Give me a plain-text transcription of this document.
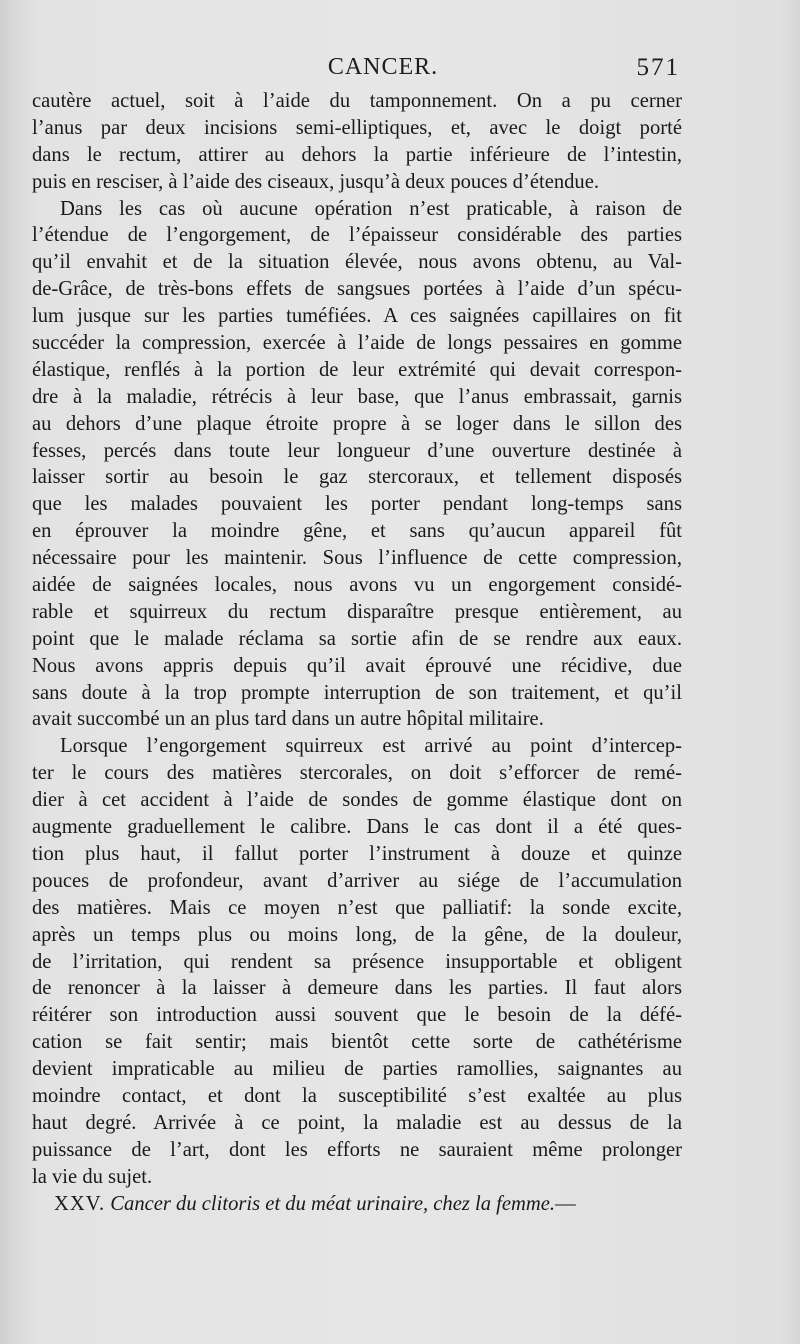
CANCER.	571
cautère actuel, soit à l’aide du tamponnement. On a pu cerner
l’anus par deux incisions semi-elliptiques, et, avec le doigt porté
dans le rectum, attirer au dehors la partie inférieure de l’intestin,
puis en resciser, à l’aide des ciseaux, jusqu’à deux pouces d’étendue.
Dans les cas où aucune opération n’est praticable, à raison de
l’étendue de l’engorgement, de l’épaisseur considérable des parties
qu’il envahit et de la situation élevée, nous avons obtenu, au Val-
de-Grâce, de très-bons effets de sangsues portées à l’aide d’un spécu-
lum jusque sur les parties tuméfiées. A ces saignées capillaires on fit
succéder la compression, exercée à l’aide de longs pessaires en gomme
élastique, renflés à la portion de leur extrémité qui devait correspon-
dre à la maladie, rétrécis à leur base, que l’anus embrassait, garnis
au dehors d’une plaque étroite propre à se loger dans le sillon des
fesses, percés dans toute leur longueur d’une ouverture destinée à
laisser sortir au besoin le gaz stercoraux, et tellement disposés
que les malades pouvaient les porter pendant long-temps sans
en éprouver la moindre gêne, et sans qu’aucun appareil fût
nécessaire pour les maintenir. Sous l’influence de cette compression,
aidée de saignées locales, nous avons vu un engorgement considé-
rable et squirreux du rectum disparaître presque entièrement, au
point que le malade réclama sa sortie afin de se rendre aux eaux.
Nous avons appris depuis qu’il avait éprouvé une récidive, due
sans doute à la trop prompte interruption de son traitement, et qu’il
avait succombé un an plus tard dans un autre hôpital militaire.
Lorsque l’engorgement squirreux est arrivé au point d’intercep-
ter le cours des matières stercorales, on doit s’efforcer de remé-
dier à cet accident à l’aide de sondes de gomme élastique dont on
augmente graduellement le calibre. Dans le cas dont il a été ques-
tion plus haut, il fallut porter l’instrument à douze et quinze
pouces de profondeur, avant d’arriver au siége de l’accumulation
des matières. Mais ce moyen n’est que palliatif: la sonde excite,
après un temps plus ou moins long, de la gêne, de la douleur,
de l’irritation, qui rendent sa présence insupportable et obligent
de renoncer à la laisser à demeure dans les parties. Il faut alors
réitérer son introduction aussi souvent que le besoin de la défé-
cation se fait sentir; mais bientôt cette sorte de cathétérisme
devient impraticable au milieu de parties ramollies, saignantes au
moindre contact, et dont la susceptibilité s’est exaltée au plus
haut degré. Arrivée à ce point, la maladie est au dessus de la
puissance de l’art, dont les efforts ne sauraient même prolonger
la vie du sujet.
XXV. Cancer du clitoris et du méat urinaire, chez la femme.—
